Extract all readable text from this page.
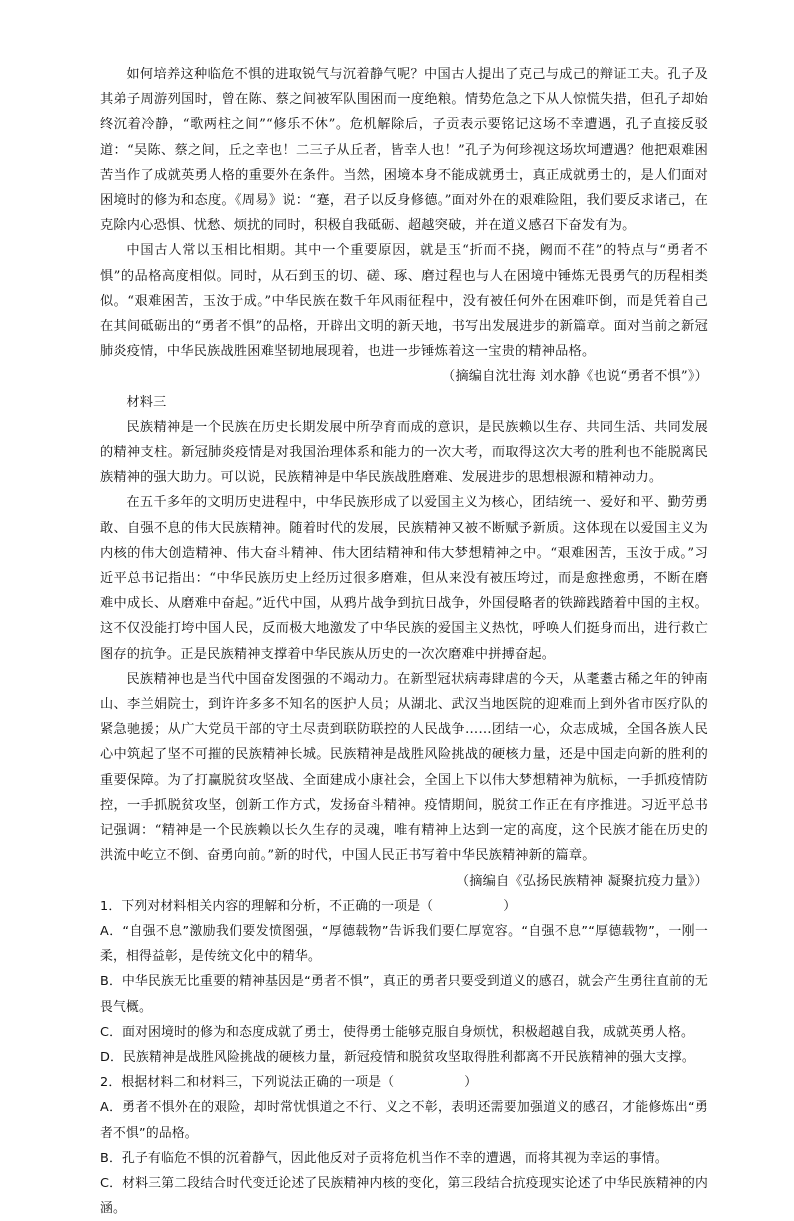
如何培养这种临危不惧的进取锐气与沉着静气呢？中国古人提出了克己与成己的辩证工夫。孔子及其弟子周游列国时，曾在陈、蔡之间被军队围困而一度绝粮。情势危急之下从人惊慌失措，但孔子却始终沉着冷静，“歌两柱之间”“修乐不休”。危机解除后，子贡表示要铭记这场不幸遭遇，孔子直接反驳道：“吴陈、蔡之间，丘之幸也！二三子从丘者，皆幸人也！”孔子为何珍视这场坎坷遭遇？他把艰难困苦当作了成就英勇人格的重要外在条件。当然，困境本身不能成就勇士，真正成就勇士的，是人们面对困境时的修为和态度。《周易》说：“蹇，君子以反身修德。”面对外在的艰难险阻，我们要反求诸己，在克除内心恐惧、忧愁、烦扰的同时，积极自我砥砺、超越突破，并在道义感召下奋发有为。

中国古人常以玉相比相期。其中一个重要原因，就是玉“折而不挠，阙而不荏”的特点与“勇者不惧”的品格高度相似。同时，从石到玉的切、磋、琢、磨过程也与人在困境中锤炼无畏勇气的历程相类似。“艰难困苦，玉汝于成。”中华民族在数千年风雨征程中，没有被任何外在困难吓倒，而是凭着自己在其间砥砺出的“勇者不惧”的品格，开辟出文明的新天地，书写出发展进步的新篇章。面对当前之新冠肺炎疫情，中华民族战胜困难坚韧地展现着，也进一步锤炼着这一宝贵的精神品格。

（摘编自沈壮海 刘水静《也说“勇者不惧”》）

材料三

民族精神是一个民族在历史长期发展中所孕育而成的意识，是民族赖以生存、共同生活、共同发展的精神支柱。新冠肺炎疫情是对我国治理体系和能力的一次大考，而取得这次大考的胜利也不能脱离民族精神的强大助力。可以说，民族精神是中华民族战胜磨难、发展进步的思想根源和精神动力。

在五千多年的文明历史进程中，中华民族形成了以爱国主义为核心，团结统一、爱好和平、勤劳勇敢、自强不息的伟大民族精神。随着时代的发展，民族精神又被不断赋予新质。这体现在以爱国主义为内核的伟大创造精神、伟大奋斗精神、伟大团结精神和伟大梦想精神之中。“艰难困苦，玉汝于成。”习近平总书记指出：“中华民族历史上经历过很多磨难，但从来没有被压垮过，而是愈挫愈勇，不断在磨难中成长、从磨难中奋起。”近代中国，从鸦片战争到抗日战争，外国侵略者的铁蹄践踏着中国的主权。这不仅没能打垮中国人民，反而极大地激发了中华民族的爱国主义热忱，呼唤人们挺身而出，进行救亡图存的抗争。正是民族精神支撑着中华民族从历史的一次次磨难中拼搏奋起。

民族精神也是当代中国奋发图强的不竭动力。在新型冠状病毒肆虐的今天，从耄耋古稀之年的钟南山、李兰娟院士，到许许多多不知名的医护人员；从湖北、武汉当地医院的迎难而上到外省市医疗队的紧急驰援；从广大党员干部的守土尽责到联防联控的人民战争……团结一心，众志成城，全国各族人民心中筑起了坚不可摧的民族精神长城。民族精神是战胜风险挑战的硬核力量，还是中国走向新的胜利的重要保障。为了打赢脱贫攻坚战、全面建成小康社会，全国上下以伟大梦想精神为航标，一手抓疫情防控，一手抓脱贫攻坚，创新工作方式，发扬奋斗精神。疫情期间，脱贫工作正在有序推进。习近平总书记强调：“精神是一个民族赖以长久生存的灵魂，唯有精神上达到一定的高度，这个民族才能在历史的洪流中屹立不倒、奋勇向前。”新的时代，中国人民正书写着中华民族精神新的篇章。

（摘编自《弘扬民族精神 凝聚抗疫力量》）

1．下列对材料相关内容的理解和分析，不正确的一项是（	）

A．“自强不息”激励我们要发愤图强，“厚德载物”告诉我们要仁厚宽容。“自强不息”“厚德载物”，一刚一柔，相得益彰，是传统文化中的精华。

B．中华民族无比重要的精神基因是“勇者不惧”，真正的勇者只要受到道义的感召，就会产生勇往直前的无畏气概。

C．面对困境时的修为和态度成就了勇士，使得勇士能够克服自身烦忧，积极超越自我，成就英勇人格。

D．民族精神是战胜风险挑战的硬核力量，新冠疫情和脱贫攻坚取得胜利都离不开民族精神的强大支撑。

2．根据材料二和材料三，下列说法正确的一项是（	）

A．勇者不惧外在的艰险，却时常忧惧道之不行、义之不彰，表明还需要加强道义的感召，才能修炼出“勇者不惧”的品格。

B．孔子有临危不惧的沉着静气，因此他反对子贡将危机当作不幸的遭遇，而将其视为幸运的事情。

C．材料三第二段结合时代变迁论述了民族精神内核的变化，第三段结合抗疫现实论述了中华民族精神的内涵。
